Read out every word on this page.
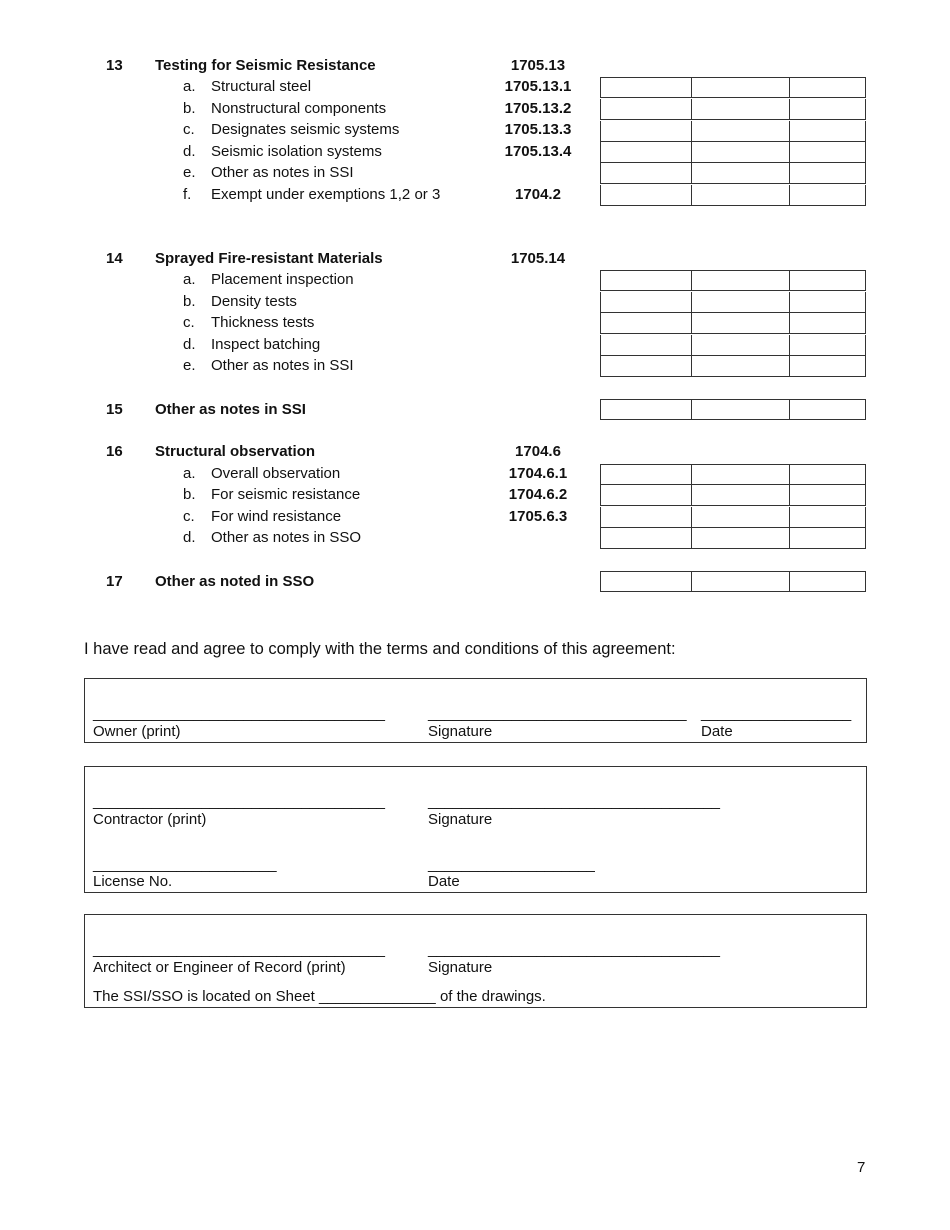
13 Testing for Seismic Resistance	1705.13
a. Structural steel	1705.13.1
b. Nonstructural components	1705.13.2
c. Designates seismic systems	1705.13.3
d. Seismic isolation systems	1705.13.4
e. Other as notes in SSI
f. Exempt under exemptions 1,2 or 3	1704.2
14 Sprayed Fire-resistant Materials	1705.14
a. Placement inspection
b. Density tests
c. Thickness tests
d. Inspect batching
e. Other as notes in SSI
15 Other as notes in SSI
16 Structural observation	1704.6
a. Overall observation	1704.6.1
b. For seismic resistance	1704.6.2
c. For wind resistance	1705.6.3
d. Other as notes in SSO
17 Other as noted in SSO
I have read and agree to comply with the terms and conditions of this agreement:
___________________________________	_______________________________ __________________
Owner (print)	Signature	Date
___________________________________	___________________________________
Contractor (print)	Signature
______________________	____________________
License No.	Date
___________________________________	___________________________________
Architect or Engineer of Record (print)	Signature
The SSI/SSO is located on Sheet ______________ of the drawings.
7
